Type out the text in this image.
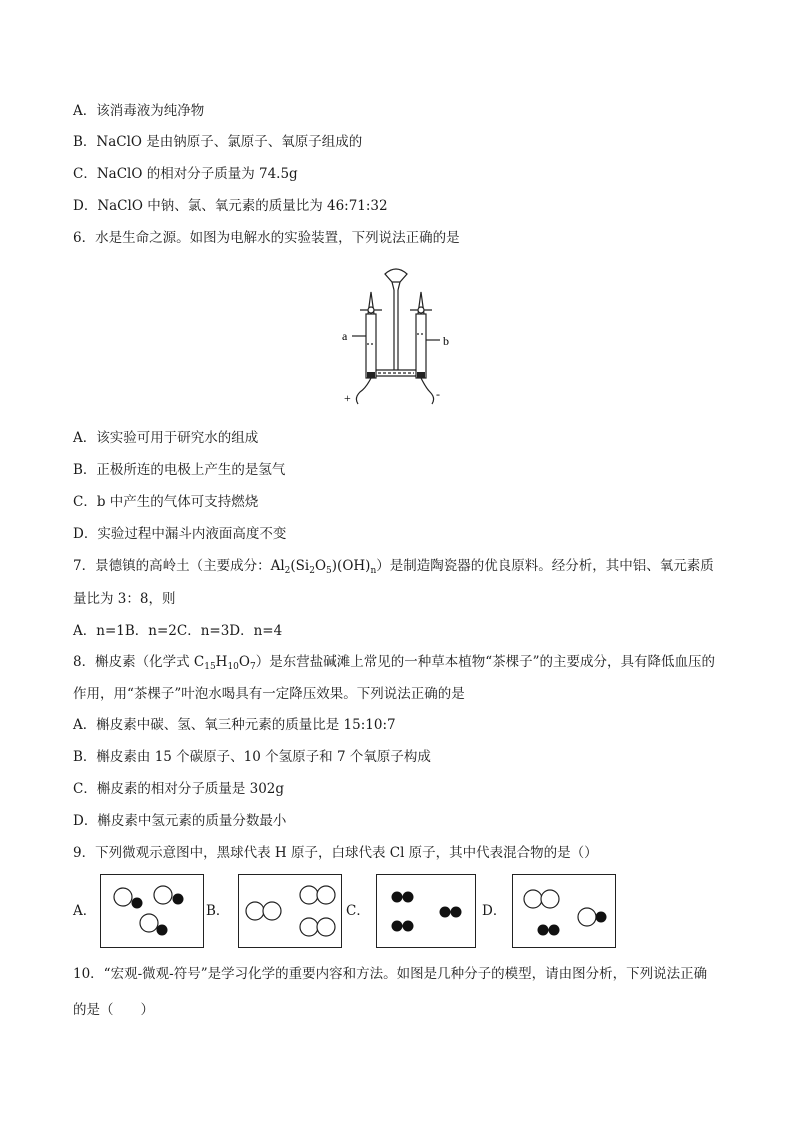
A．该消毒液为纯净物
B．NaClO 是由钠原子、氯原子、氧原子组成的
C．NaClO 的相对分子质量为 74.5g
D．NaClO 中钠、氯、氧元素的质量比为 46:71:32
6．水是生命之源。如图为电解水的实验装置，下列说法正确的是
a	b
+	-
A．该实验可用于研究水的组成
B．正极所连的电极上产生的是氢气
C．b 中产生的气体可支持燃烧
D．实验过程中漏斗内液面高度不变
7．景德镇的高岭土（主要成分：$Al_2(Si_2O_5)(OH)_n$）是制造陶瓷器的优良原料。经分析，其中铝、氧元素质
量比为 3：8，则
A．n=1B．n=2C．n=3D．n=4
8．槲皮素（化学式 $C_{15}H_{10}O_7$）是东营盐碱滩上常见的一种草本植物“茶棵子”的主要成分，具有降低血压的
作用，用“茶棵子”叶泡水喝具有一定降压效果。下列说法正确的是
A．槲皮素中碳、氢、氧三种元素的质量比是 15:10:7
B．槲皮素由 15 个碳原子、10 个氢原子和 7 个氧原子构成
C．槲皮素的相对分子质量是 302g
D．槲皮素中氢元素的质量分数最小
9．下列微观示意图中，黑球代表 H 原子，白球代表 Cl 原子，其中代表混合物的是（）
A．	B．	C．	D．
10．“宏观-微观-符号”是学习化学的重要内容和方法。如图是几种分子的模型，请由图分析，下列说法正确
的是（　　）
